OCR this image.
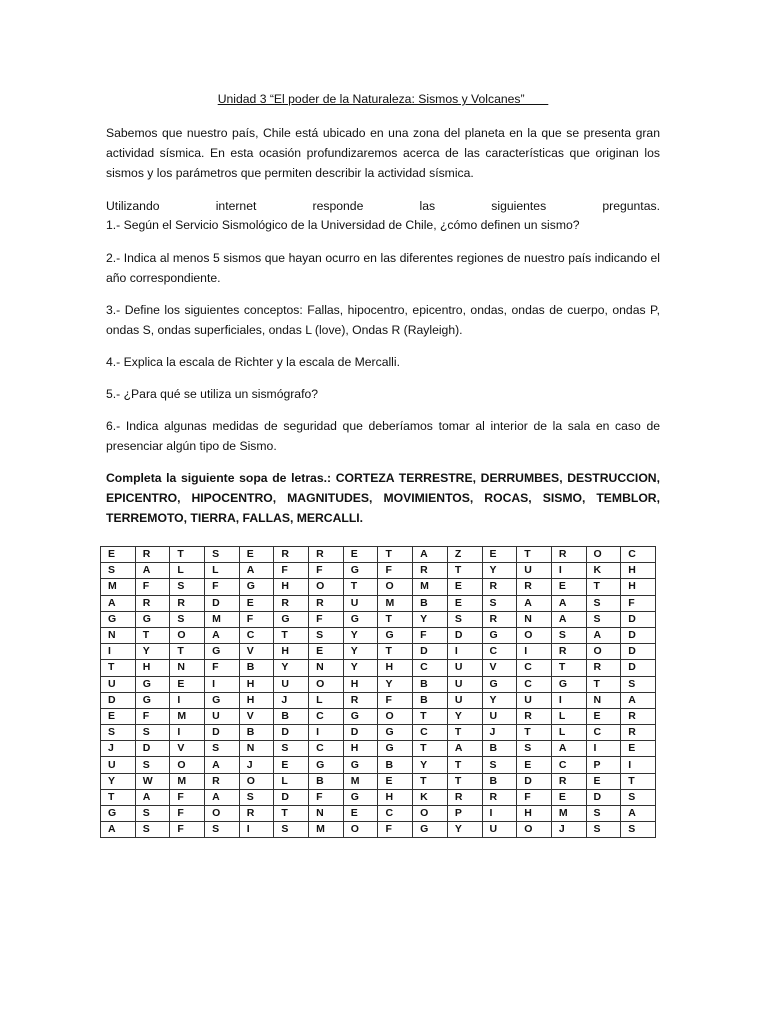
Unidad 3 “El poder de la Naturaleza: Sismos y Volcanes”

Sabemos que nuestro país, Chile está ubicado en una zona del planeta en la que se presenta gran actividad sísmica. En esta ocasión profundizaremos acerca de las características que originan los sismos y los parámetros que permiten describir la actividad sísmica.

Utilizando	internet	responde	las	siguientes	preguntas.

1.- Según el Servicio Sismológico de la Universidad de Chile, ¿cómo definen un sismo?

2.- Indica al menos 5 sismos que hayan ocurro en las diferentes regiones de nuestro país indicando el año correspondiente.

3.- Define los siguientes conceptos: Fallas, hipocentro, epicentro, ondas, ondas de cuerpo, ondas P, ondas S, ondas superficiales, ondas L (love), Ondas R (Rayleigh).

4.- Explica la escala de Richter y la escala de Mercalli.

5.- ¿Para qué se utiliza un sismógrafo?

6.- Indica algunas medidas de seguridad que deberíamos tomar al interior de la sala en caso de presenciar algún tipo de Sismo.

Completa la siguiente sopa de letras.: CORTEZA TERRESTRE, DERRUMBES, DESTRUCCION, EPICENTRO, HIPOCENTRO, MAGNITUDES, MOVIMIENTOS, ROCAS, SISMO, TEMBLOR, TERREMOTO, TIERRA, FALLAS, MERCALLI.

E	R	T	S	E	R	R	E	T	A	Z	E	T	R	O	C
S	A	L	L	A	F	F	G	F	R	T	Y	U	I	K	H
M	F	S	F	G	H	O	T	O	M	E	R	R	E	T	H
A	R	R	D	E	R	R	U	M	B	E	S	A	A	S	F
G	G	S	M	F	G	F	G	T	Y	S	R	N	A	S	D
N	T	O	A	C	T	S	Y	G	F	D	G	O	S	A	D
I	Y	T	G	V	H	E	Y	T	D	I	C	I	R	O	D
T	H	N	F	B	Y	N	Y	H	C	U	V	C	T	R	D
U	G	E	I	H	U	O	H	Y	B	U	G	C	G	T	S
D	G	I	G	H	J	L	R	F	B	U	Y	U	I	N	A
E	F	M	U	V	B	C	G	O	T	Y	U	R	L	E	R
S	S	I	D	B	D	I	D	G	C	T	J	T	L	C	R
J	D	V	S	N	S	C	H	G	T	A	B	S	A	I	E
U	S	O	A	J	E	G	G	B	Y	T	S	E	C	P	I
Y	W	M	R	O	L	B	M	E	T	T	B	D	R	E	T
T	A	F	A	S	D	F	G	H	K	R	R	F	E	D	S
G	S	F	O	R	T	N	E	C	O	P	I	H	M	S	A
A	S	F	S	I	S	M	O	F	G	Y	U	O	J	S	S
